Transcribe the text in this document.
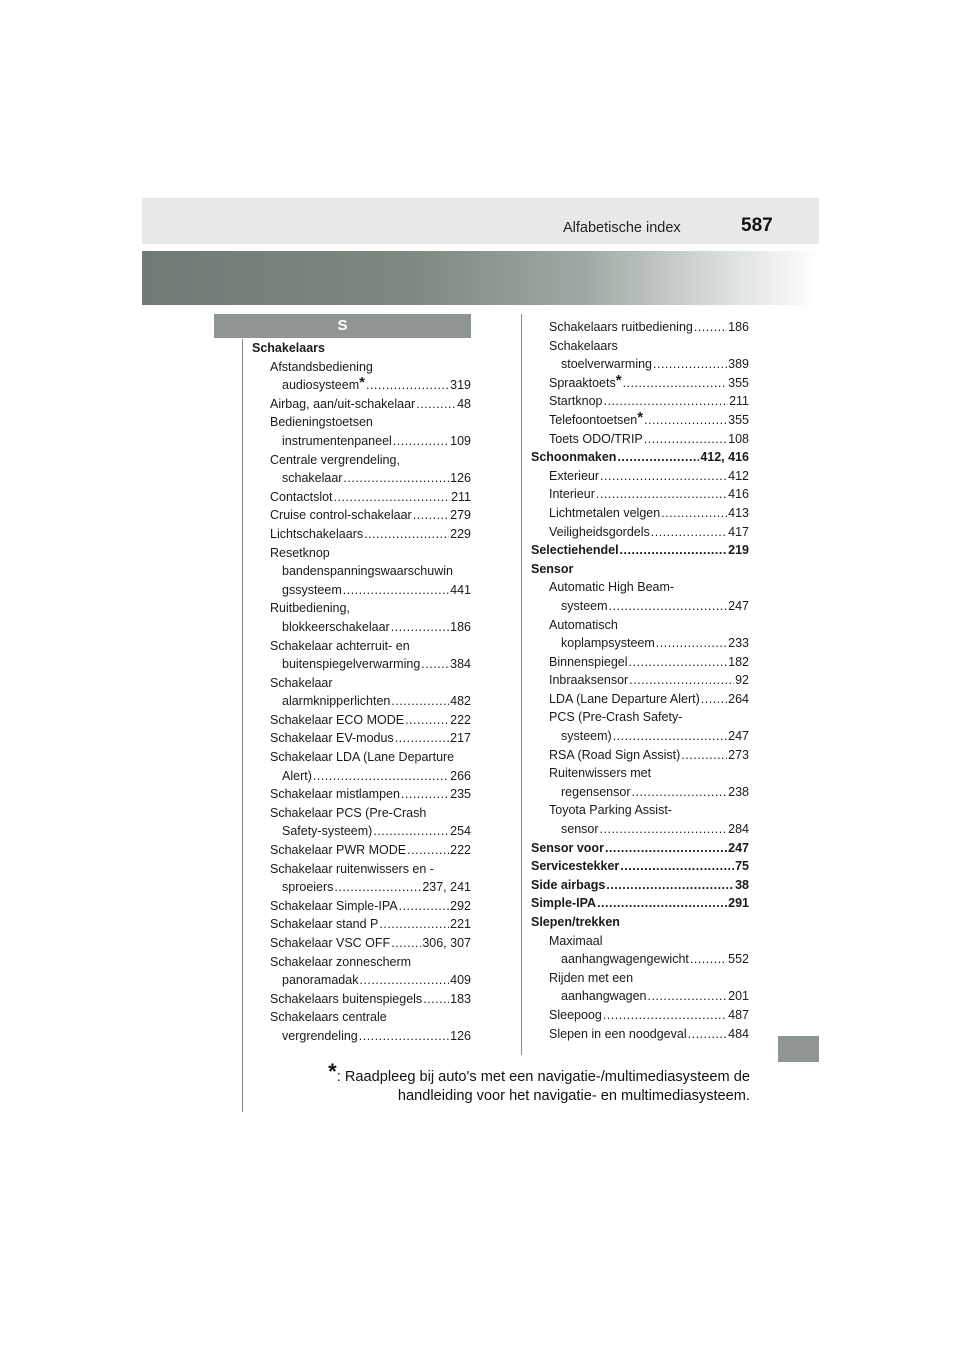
Alfabetische index	587
S
Schakelaars
Afstandsbediening
audiosysteem* .....	319
Airbag, aan/uit-schakelaar .....	48
Bedieningstoetsen
instrumentenpaneel .....	109
Centrale vergrendeling,
schakelaar .....	126
Contactslot .....	211
Cruise control-schakelaar .....	279
Lichtschakelaars .....	229
Resetknop
bandenspanningswaarschuwin
gssysteem .....	441
Ruitbediening,
blokkeerschakelaar .....	186
Schakelaar achterruit- en
buitenspiegelverwarming ..... 384
Schakelaar
alarmknipperlichten .....	482
Schakelaar ECO MODE .....	222
Schakelaar EV-modus .....	217
Schakelaar LDA (Lane Departure
Alert) .....	266
Schakelaar mistlampen .....	235
Schakelaar PCS (Pre-Crash
Safety-systeem) .....	254
Schakelaar PWR MODE .....	222
Schakelaar ruitenwissers en -
sproeiers .....	237, 241
Schakelaar Simple-IPA .....	292
Schakelaar stand P .....	221
Schakelaar VSC OFF .....	306, 307
Schakelaar zonnescherm
panoramadak .....	409
Schakelaars buitenspiegels ..... 183
Schakelaars centrale
vergrendeling .....	126
Schakelaars ruitbediening .....	186
Schakelaars
stoelverwarming .....	389
Spraaktoets* .....	355
Startknop .....	211
Telefoontoetsen* .....	355
Toets ODO/TRIP .....	108
Schoonmaken .....	412, 416
Exterieur .....	412
Interieur .....	416
Lichtmetalen velgen .....	413
Veiligheidsgordels .....	417
Selectiehendel .....	219
Sensor
Automatic High Beam-
systeem .....	247
Automatisch
koplampsysteem .....	233
Binnenspiegel .....	182
Inbraaksensor .....	92
LDA (Lane Departure Alert) ..... 264
PCS (Pre-Crash Safety-
systeem) .....	247
RSA (Road Sign Assist) .....	273
Ruitenwissers met
regensensor .....	238
Toyota Parking Assist-
sensor .....	284
Sensor voor .....	247
Servicestekker .....	75
Side airbags .....	38
Simple-IPA .....	291
Slepen/trekken
Maximaal
aanhangwagengewicht .....	552
Rijden met een
aanhangwagen .....	201
Sleepoog .....	487
Slepen in een noodgeval .....	484
*: Raadpleeg bij auto's met een navigatie-/multimediasysteem de
handleiding voor het navigatie- en multimediasysteem.
